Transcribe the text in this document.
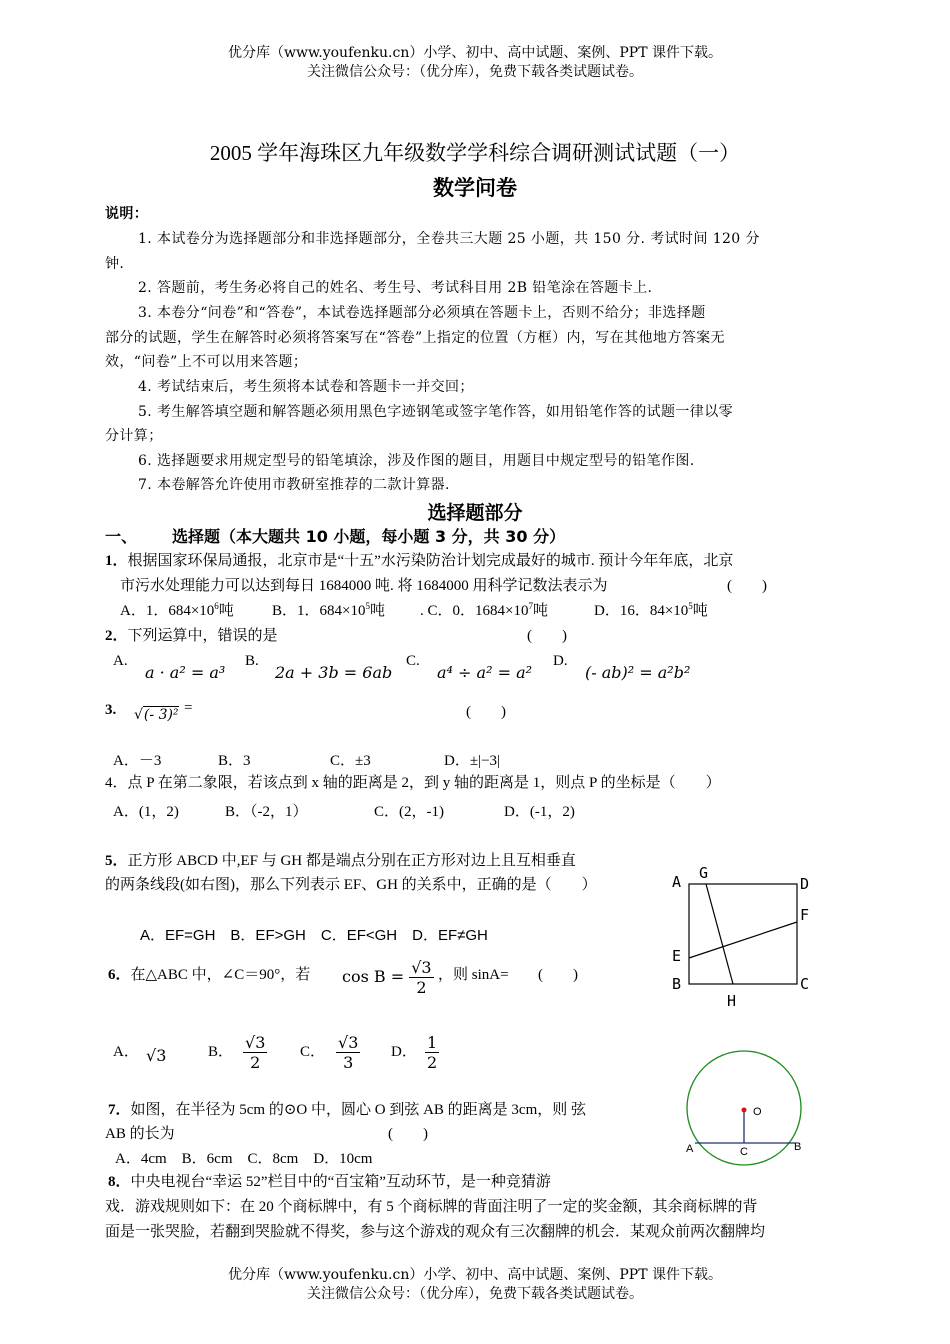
优分库（www.youfenku.cn）小学、初中、高中试题、案例、PPT 课件下载。
关注微信公众号：（优分库），免费下载各类试题试卷。
2005 学年海珠区九年级数学学科综合调研测试试题（一）
数学问卷
说明：
1. 本试卷分为选择题部分和非选择题部分，全卷共三大题 25 小题，共 150 分. 考试时间 120 分
钟.
2. 答题前，考生务必将自己的姓名、考生号、考试科目用 2B 铅笔涂在答题卡上.
3. 本卷分“问卷”和“答卷”，本试卷选择题部分必须填在答题卡上，否则不给分；非选择题
部分的试题，学生在解答时必须将答案写在“答卷”上指定的位置（方框）内，写在其他地方答案无
效，“问卷”上不可以用来答题；
4. 考试结束后，考生须将本试卷和答题卡一并交回；
5. 考生解答填空题和解答题必须用黑色字迹钢笔或签字笔作答，如用铅笔作答的试题一律以零
分计算；
6. 选择题要求用规定型号的铅笔填涂，涉及作图的题目，用题目中规定型号的铅笔作图.
7. 本卷解答允许使用市教研室推荐的二款计算器.
选择题部分
一、 选择题（本大题共 10 小题，每小题 3 分，共 30 分）
1．根据国家环保局通报，北京市是“十五”水污染防治计划完成最好的城市. 预计今年年底，北京
市污水处理能力可以达到每日 1684000 吨. 将 1684000 用科学记数法表示为	(　　)
A．1．$684\times 10^6$吨	B．1．$684\times 10^5$吨 . C．0．$1684\times 10^7$吨	D．16．$84\times 10^5$吨
2．下列运算中，错误的是	(　　)
A.
a · a² = a³
B.
2a + 3b = 6ab
C.
a⁴ ÷ a² = a²
D.
(- ab)² = a²b²
3. √(- 3)² =	(　　)
A．－3	B．3	C．±3	D．±|−3|
4．点 P 在第二象限，若该点到 x 轴的距离是 2，到 y 轴的距离是 1，则点 P 的坐标是（　　）
A．(1，2)	B．（-2，1）	C．(2，-1)	D．(-1，2)
5．正方形 ABCD 中,EF 与 GH 都是端点分别在正方形对边上且互相垂直
的两条线段(如右图)，那么下列表示 EF、GH 的关系中，正确的是（　　）
A．EF=GH　B．EF>GH　C．EF<GH　D．EF≠GH
A G
D
F
E
B	C
H
6．在△ABC 中，∠C＝90°，若 $\cos B = \frac{√3}{2}$ ，则 sinA= (　　)
A． √3	B． $\frac{√3}{2}$ C． $\frac{√3}{3}$ D． $\frac{1}{2}$
O
A	B
C
7．如图，在半径为 5cm 的⊙O 中，圆心 O 到弦 AB 的距离是 3cm，则 弦
AB 的长为	(　　)
A．4cm　B．6cm　C．8cm　D．10cm
8．中央电视台“幸运 52”栏目中的“百宝箱”互动环节，是一种竞猜游
戏．游戏规则如下：在 20 个商标牌中，有 5 个商标牌的背面注明了一定的奖金额，其余商标牌的背
面是一张哭脸，若翻到哭脸就不得奖，参与这个游戏的观众有三次翻牌的机会．某观众前两次翻牌均
优分库（www.youfenku.cn）小学、初中、高中试题、案例、PPT 课件下载。
关注微信公众号：（优分库），免费下载各类试题试卷。
